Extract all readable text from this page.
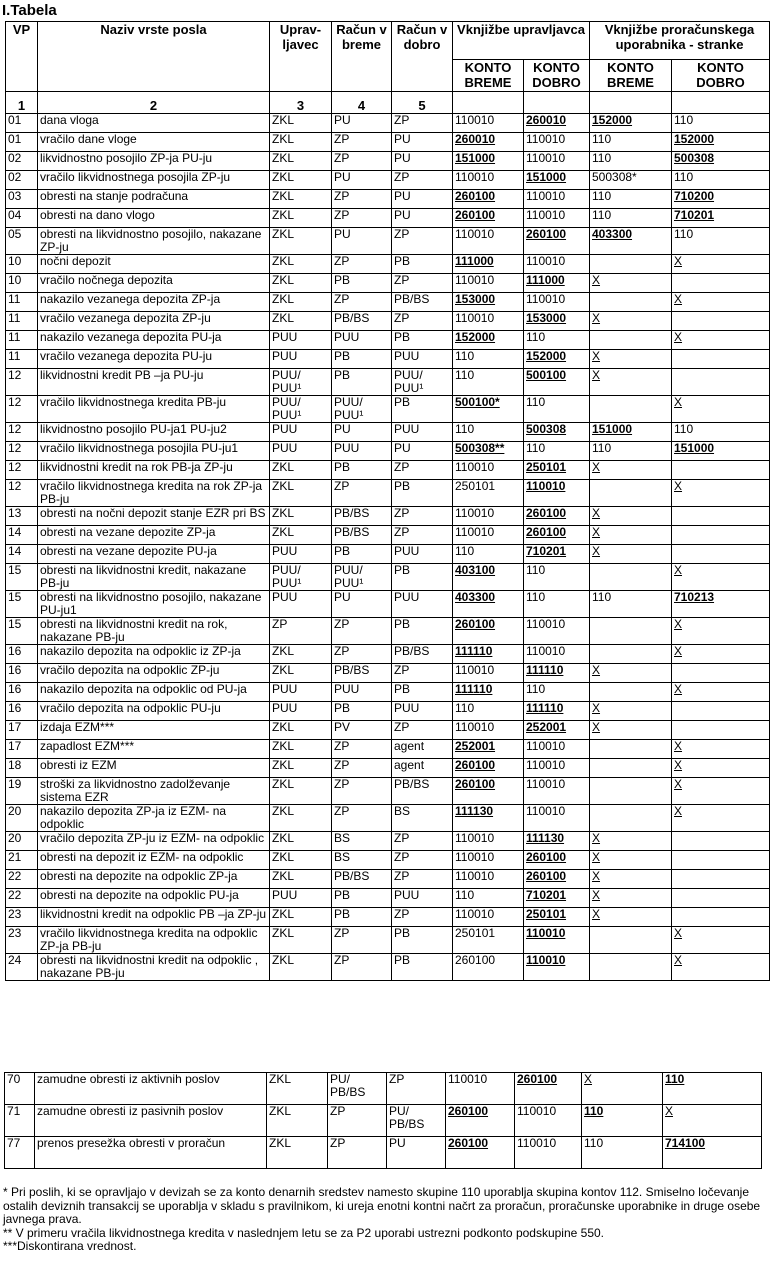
I.Tabela
VP	Naziv vrste posla	Uprav-ljavec	Račun v breme	Račun v dobro	Vknjižbe upravljavca		Vknjižbe proračunskega uporabnika - stranke	
					KONTO BREME	KONTO DOBRO	KONTO BREME	KONTO DOBRO
1	2	3	4	5				
01	dana vloga	ZKL	PU	ZP	110010	260010	152000	110
01	vračilo dane vloge	ZKL	ZP	PU	260010	110010	110	152000
02	likvidnostno posojilo ZP-ja PU-ju	ZKL	ZP	PU	151000	110010	110	500308
02	vračilo likvidnostnega posojila ZP-ju	ZKL	PU	ZP	110010	151000	500308*	110
03	obresti na stanje podračuna	ZKL	ZP	PU	260100	110010	110	710200
04	obresti na dano vlogo	ZKL	ZP	PU	260100	110010	110	710201
05	obresti na likvidnostno posojilo, nakazane ZP-ju	ZKL	PU	ZP	110010	260100	403300	110
10	nočni depozit	ZKL	ZP	PB	111000	110010		X
10	vračilo nočnega depozita	ZKL	PB	ZP	110010	111000	X	
11	nakazilo vezanega depozita ZP-ja	ZKL	ZP	PB/BS	153000	110010		X
11	vračilo vezanega depozita ZP-ju	ZKL	PB/BS	ZP	110010	153000	X	
11	nakazilo vezanega depozita PU-ja	PUU	PUU	PB	152000	110		X
11	vračilo vezanega depozita PU-ju	PUU	PB	PUU	110	152000	X	
12	likvidnostni kredit PB –ja PU-ju	PUU/ PUU¹	PB	PUU/ PUU¹	110	500100	X	
12	vračilo likvidnostnega kredita PB-ju	PUU/ PUU¹	PUU/ PUU¹	PB	500100*	110		X
12	likvidnostno posojilo PU-ja1 PU-ju2	PUU	PU	PUU	110	500308	151000	110
12	vračilo likvidnostnega posojila PU-ju1	PUU	PUU	PU	500308**	110	110	151000
12	likvidnostni kredit na rok PB-ja ZP-ju	ZKL	PB	ZP	110010	250101	X	
12	vračilo likvidnostnega kredita na rok ZP-ja PB-ju	ZKL	ZP	PB	250101	110010		X
13	obresti na nočni depozit stanje EZR pri BS	ZKL	PB/BS	ZP	110010	260100	X	
14	obresti na vezane depozite ZP-ja	ZKL	PB/BS	ZP	110010	260100	X	
14	obresti na vezane depozite PU-ja	PUU	PB	PUU	110	710201	X	
15	obresti na likvidnostni kredit, nakazane PB-ju	PUU/ PUU¹	PUU/ PUU¹	PB	403100	110		X
15	obresti na likvidnostno posojilo, nakazane PU-ju1	PUU	PU	PUU	403300	110	110	710213
15	obresti na likvidnostni kredit na rok, nakazane PB-ju	ZP	ZP	PB	260100	110010		X
16	nakazilo depozita na odpoklic iz ZP-ja	ZKL	ZP	PB/BS	111110	110010		X
16	vračilo depozita na odpoklic ZP-ju	ZKL	PB/BS	ZP	110010	111110	X	
16	nakazilo depozita na odpoklic od PU-ja	PUU	PUU	PB	111110	110		X
16	vračilo depozita na odpoklic PU-ju	PUU	PB	PUU	110	111110	X	
17	izdaja EZM***	ZKL	PV	ZP	110010	252001	X	
17	zapadlost EZM***	ZKL	ZP	agent	252001	110010		X
18	obresti iz EZM	ZKL	ZP	agent	260100	110010		X
19	stroški za likvidnostno zadolževanje sistema EZR	ZKL	ZP	PB/BS	260100	110010		X
20	nakazilo depozita ZP-ja iz EZM- na odpoklic	ZKL	ZP	BS	111130	110010		X
20	vračilo depozita ZP-ju iz EZM- na odpoklic	ZKL	BS	ZP	110010	111130	X	
21	obresti na depozit iz EZM- na odpoklic	ZKL	BS	ZP	110010	260100	X	
22	obresti na depozite na odpoklic ZP-ja	ZKL	PB/BS	ZP	110010	260100	X	
22	obresti na depozite na odpoklic PU-ja	PUU	PB	PUU	110	710201	X	
23	likvidnostni kredit na odpoklic PB –ja ZP-ju	ZKL	PB	ZP	110010	250101	X	
23	vračilo likvidnostnega kredita na odpoklic ZP-ja PB-ju	ZKL	ZP	PB	250101	110010		X
24	obresti na likvidnostni kredit na odpoklic , nakazane PB-ju	ZKL	ZP	PB	260100	110010		X
70	zamudne obresti iz aktivnih poslov	ZKL	PU/ PB/BS	ZP	110010	260100	X	110
71	zamudne obresti iz pasivnih poslov	ZKL	ZP	PU/ PB/BS	260100	110010	110	X
77	prenos presežka obresti v proračun	ZKL	ZP	PU	260100	110010	110	714100
* Pri poslih, ki se opravljajo v devizah se za konto denarnih sredstev namesto skupine 110 uporablja skupina kontov 112. Smiselno ločevanje ostalih deviznih transakcij se uporablja v skladu s pravilnikom, ki ureja enotni kontni načrt za proračun, proračunske uporabnike in druge osebe javnega prava.
** V primeru vračila likvidnostnega kredita v naslednjem letu se za P2 uporabi ustrezni podkonto podskupine 550.
***Diskontirana vrednost.
